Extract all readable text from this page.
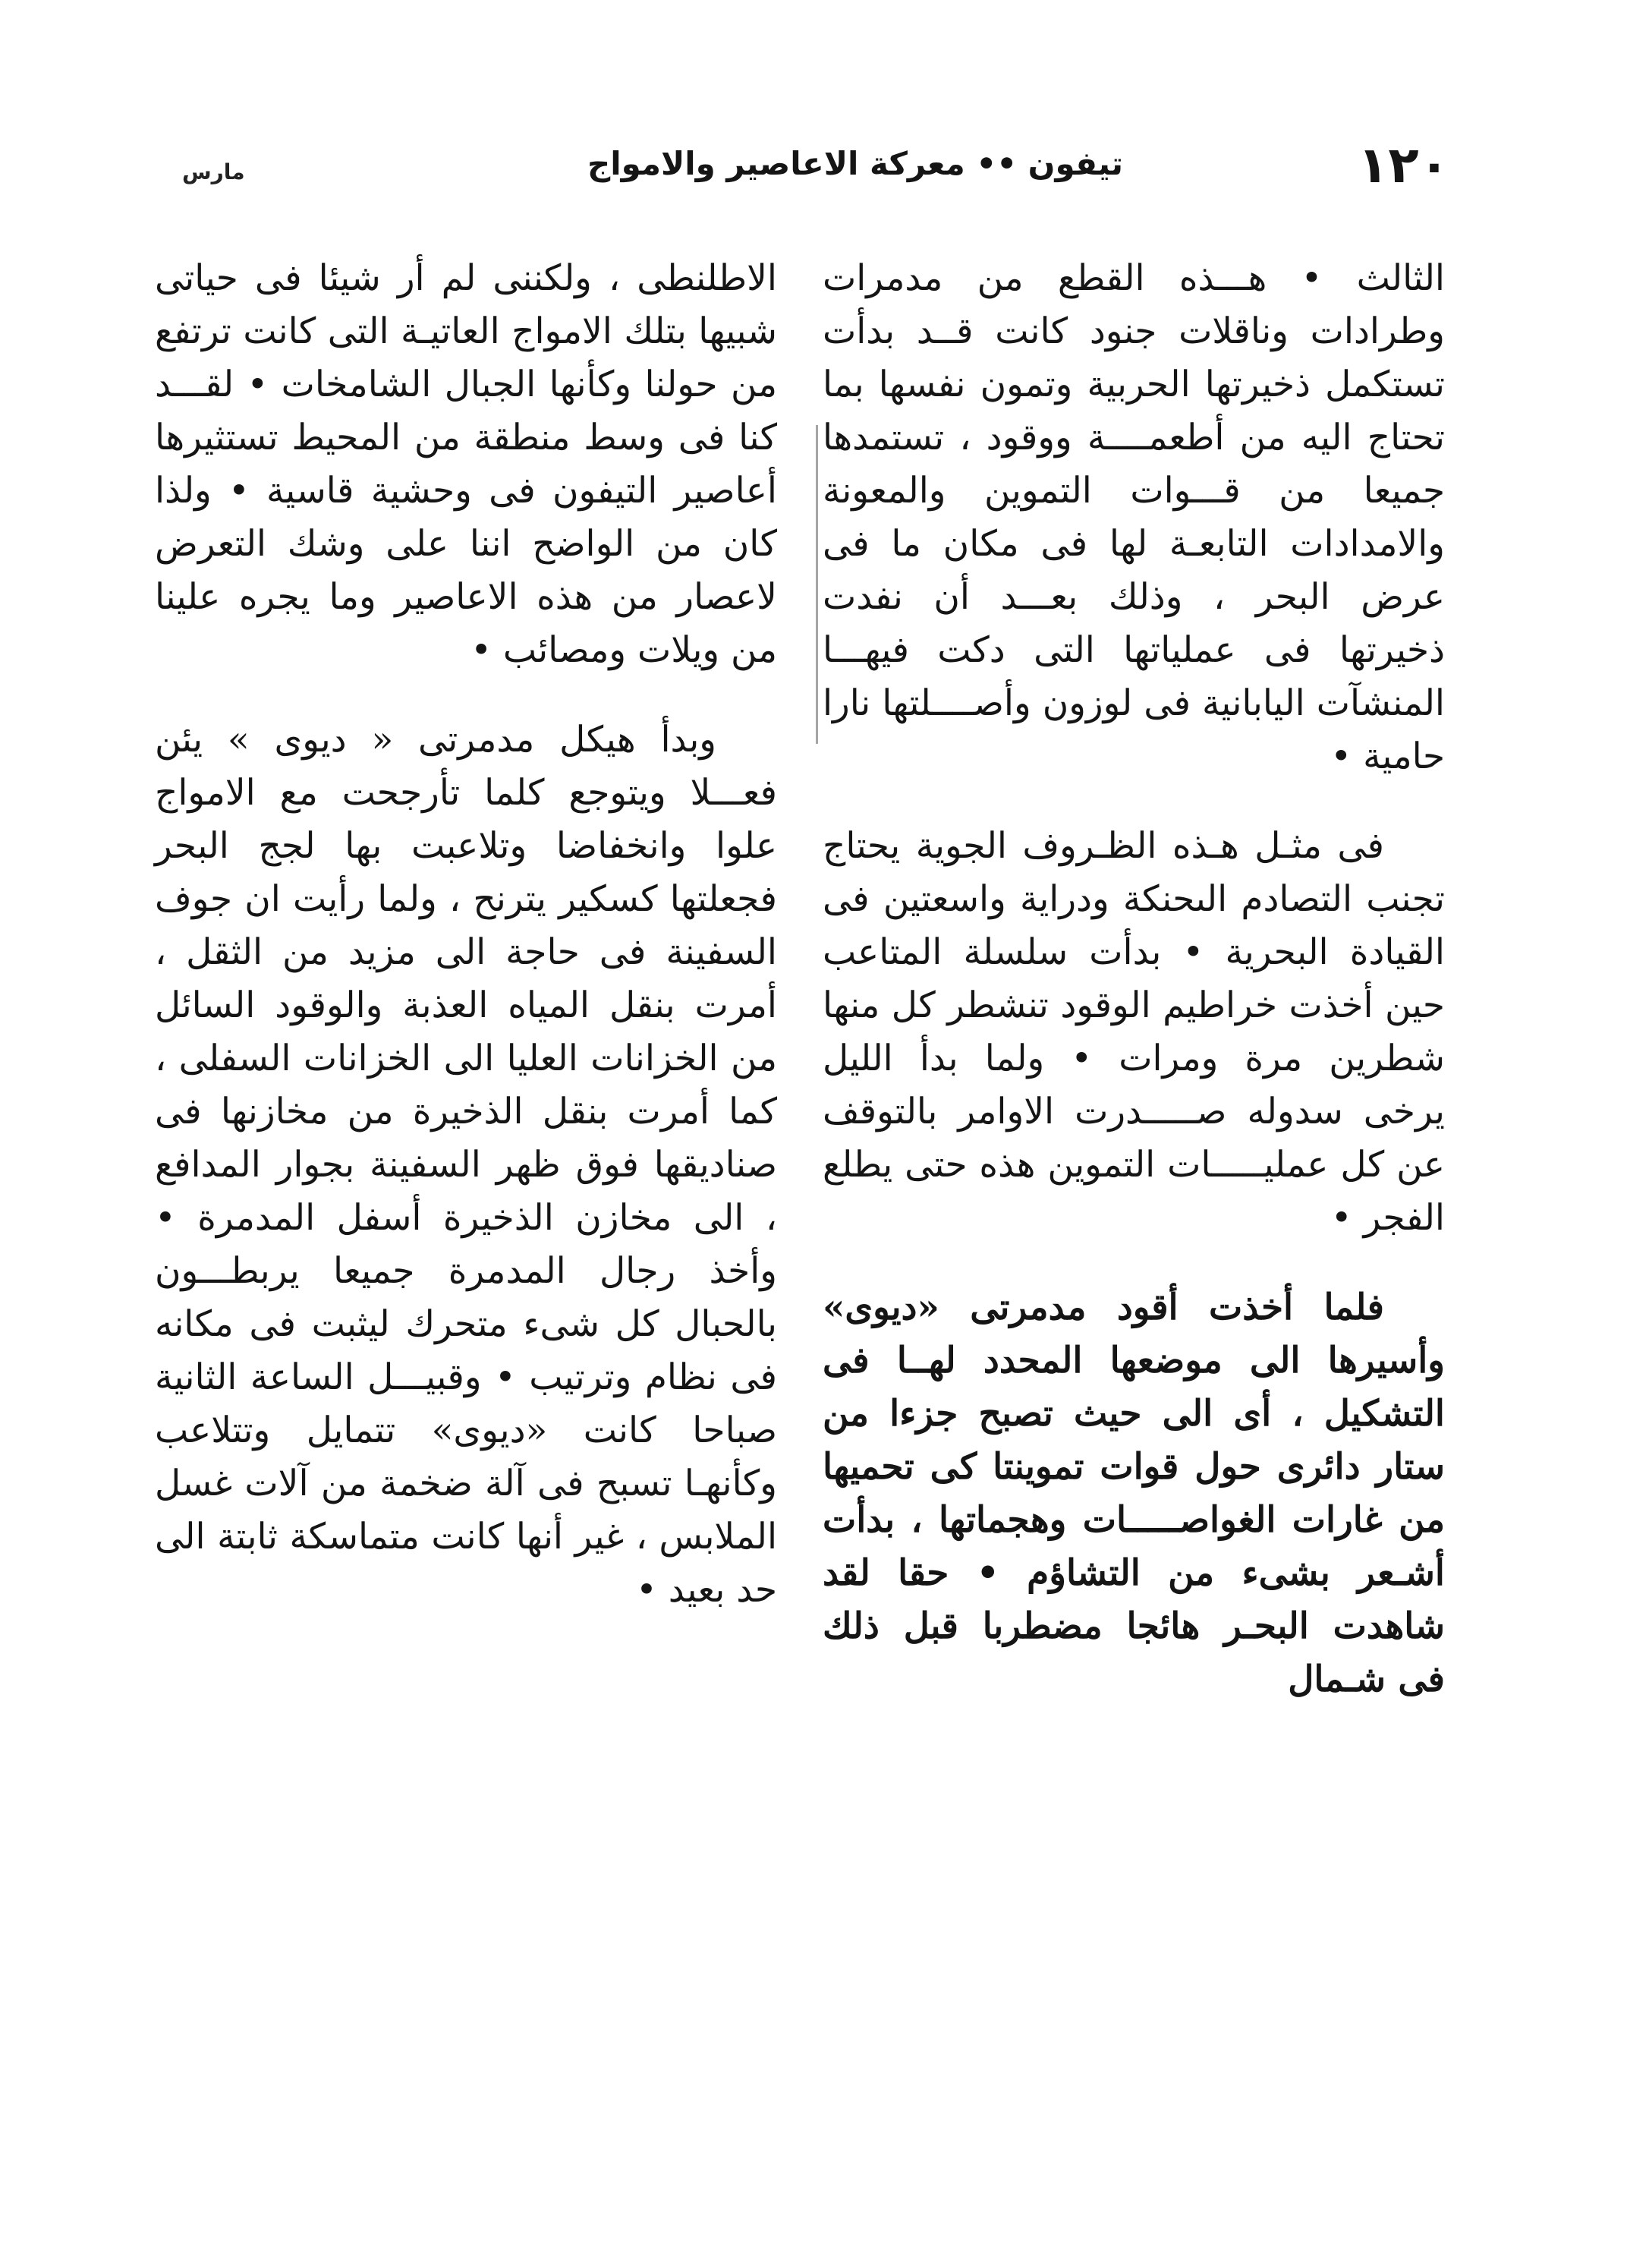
١٢٠
تيفون •• معركة الاعاصير والامواج
مارس

الثالث • هـــذه القطع من مدمرات وطرادات وناقلات جنود كانت قــد بدأت تستكمل ذخيرتها الحربية وتمون نفسها بما تحتاج اليه من أطعمــــة ووقود ، تستمدها جميعا من قـــوات التموين والمعونة والامدادات التابعـة لها فى مكان ما فى عرض البحر ، وذلك بعـــد أن نفدت ذخيرتها فى عملياتها التى دكت فيهـــا المنشآت اليابانية فى لوزون وأصــــلتها نارا حامية •

فى مثـل هـذه الظـروف الجوية يحتاج تجنب التصادم الىحنكة ودراية واسعتين فى القيادة البحرية • بدأت سلسلة المتاعب حين أخذت خراطيم الوقود تنشطر كل منها شطرين مرة ومرات • ولما بدأ الليل يرخى سدوله صـــــدرت الاوامر بالتوقف عن كل عمليـــــات التموين هذه حتى يطلع الفجر •

فلما أخذت أقود مدمرتى «ديوى» وأسيرها الى موضعها المحدد لهــا فى التشكيل ، أى الى حيث تصبح جزءا من ستار دائرى حول قوات تموينتا كى تحميها من غارات الغواصـــــات وهجماتها ، بدأت أشـعر بشىء من التشاؤم • حقا لقد شاهدت البحـر هائجا مضطربا قبل ذلك فى شـمال

الاطلنطى ، ولكننى لم أر شيئا فى حياتى شبيها بتلك الامواج العاتيـة التى كانت ترتفع من حولنا وكأنها الجبال الشامخات • لقـــد كنا فى وسط منطقة من المحيط تستثيرها أعاصير التيفون فى وحشية قاسية • ولذا كان من الواضح اننا على وشك التعرض لاعصار من هذه الاعاصير وما يجره علينا من ويلات ومصائب •

وبدأ هيكل مدمرتى « ديوى » يئن فعـــلا ويتوجع كلما تأرجحت مع الامواج علوا وانخفاضا وتلاعبت بها لجج البحر فجعلتها كسكير يترنح ، ولما رأيت ان جوف السفينة فى حاجة الى مزيد من الثقل ، أمرت بنقل المياه العذبة والوقود السائل من الخزانات العليا الى الخزانات السفلى ، كما أمرت بنقل الذخيرة من مخازنها فى صناديقها فوق ظهر السفينة بجوار المدافع ، الى مخازن الذخيرة أسفل المدمرة • وأخذ رجال المدمرة جميعا يربطـــون بالحبال كل شىء متحرك ليثبت فى مكانه فى نظام وترتيب • وقبيـــل الساعة الثانية صباحا كانت «ديوى» تتمايل وتتلاعب وكأنهـا تسبح فى آلة ضخمة من آلات غسل الملابس ، غير أنها كانت متماسكة ثابتة الى حد بعيد •
